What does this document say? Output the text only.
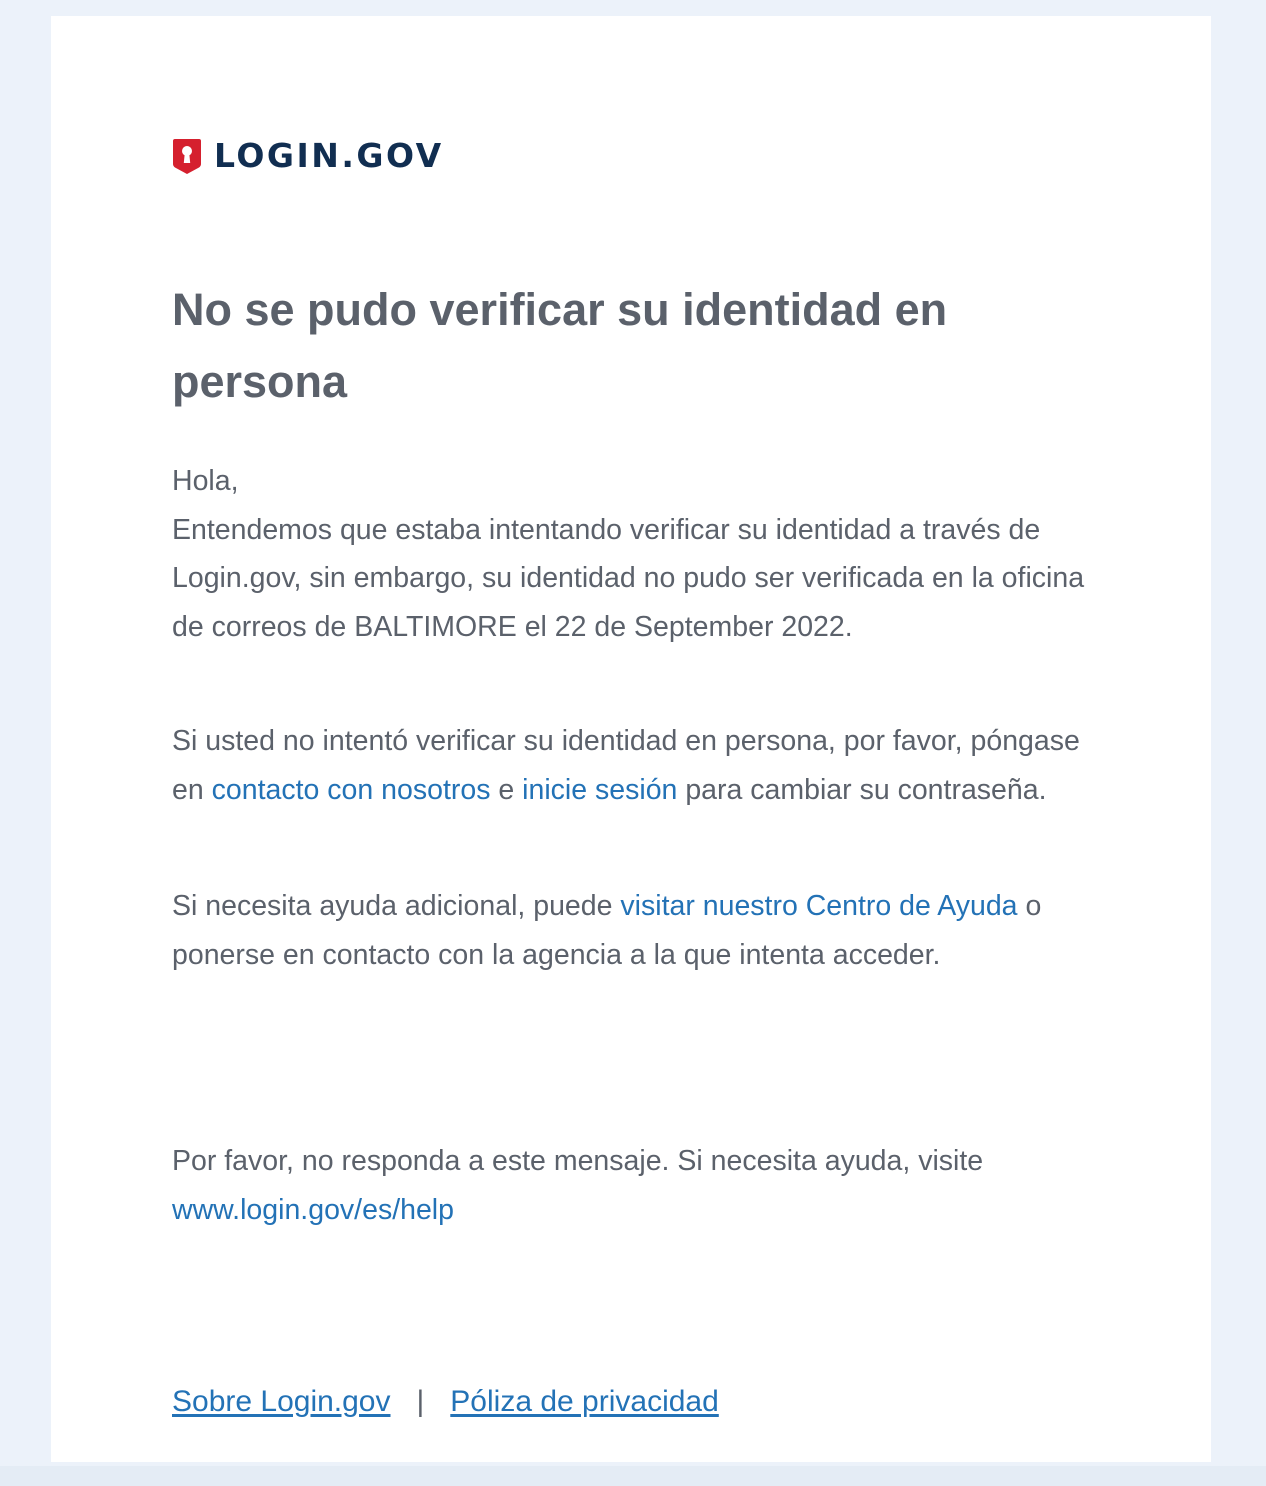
LOGIN.GOV
No se pudo verificar su identidad en persona

Hola,
Entendemos que estaba intentando verificar su identidad a través de Login.gov, sin embargo, su identidad no pudo ser verificada en la oficina de correos de BALTIMORE el 22 de September 2022.

Si usted no intentó verificar su identidad en persona, por favor, póngase en contacto con nosotros e inicie sesión para cambiar su contraseña.

Si necesita ayuda adicional, puede visitar nuestro Centro de Ayuda o ponerse en contacto con la agencia a la que intenta acceder.

Por favor, no responda a este mensaje. Si necesita ayuda, visite www.login.gov/es/help

Sobre Login.gov | Póliza de privacidad
